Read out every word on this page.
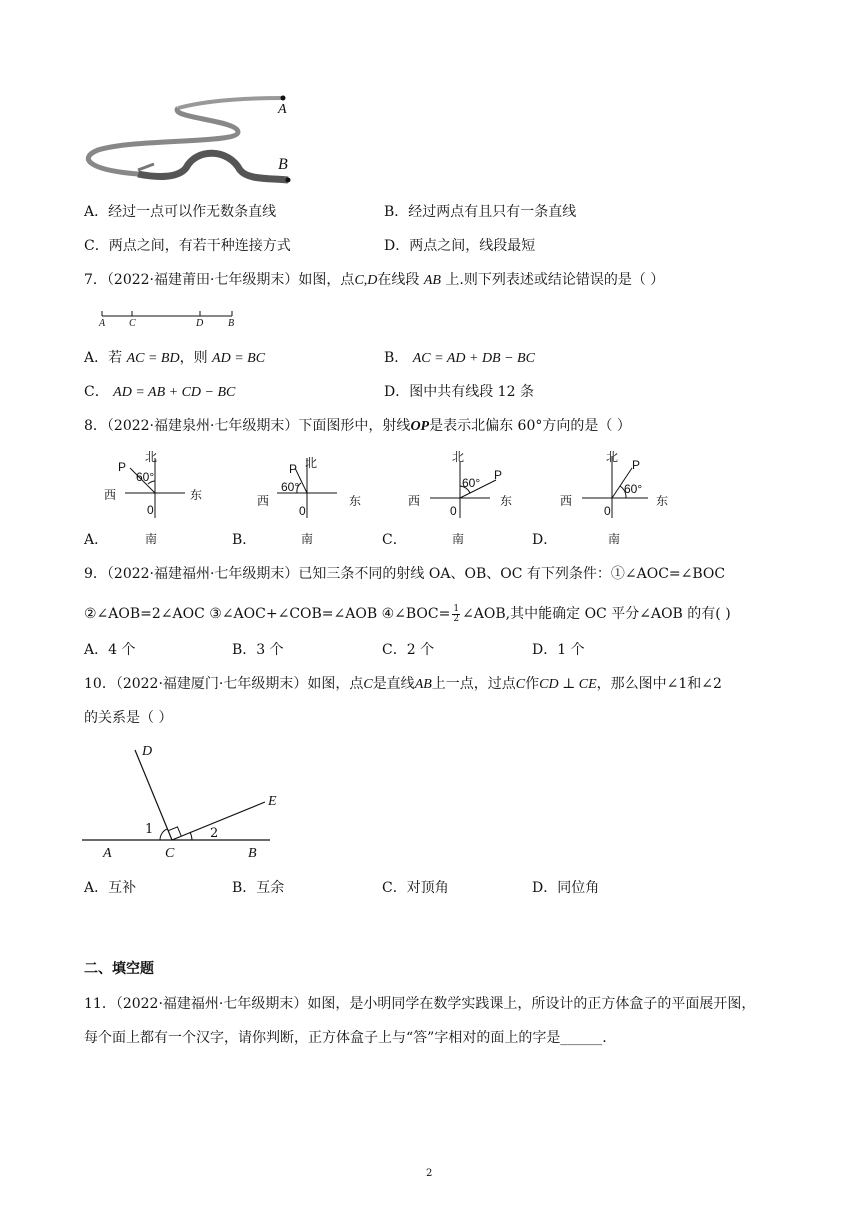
A
B
A．经过一点可以作无数条直线	B．经过两点有且只有一条直线
C．两点之间，有若干种连接方式	D．两点之间，线段最短
7．（2022·福建莆田·七年级期末）如图，点C,D在线段 AB 上.则下列表述或结论错误的是（ ）
A C	D B
A．若 AC = BD，则 AD = BC	B． AC = AD + DB − BC
C． AD = AB + CD − BC	D．图中共有线段 12 条
8．（2022·福建泉州·七年级期末）下面图形中，射线OP是表示北偏东 60°方向的是（ ）
北
P
60°
西	东
0
南
北
P
60°
西	东
0
南
北
P
60°
西	东
0
南
北
P
60°
西	东
0
南
A．	B．	C．	D．
9．（2022·福建福州·七年级期末）已知三条不同的射线 OA、OB、OC 有下列条件：①∠AOC=∠BOC
②∠AOB=2∠AOC ③∠AOC+∠COB=∠AOB ④∠BOC= $\frac{1}{2}$ ∠AOB,其中能确定 OC 平分∠AOB 的有( )
A．4 个	B．3 个	C．2 个	D．1 个
10．（2022·福建厦门·七年级期末）如图，点C是直线AB上一点，过点C作CD ⊥ CE，那么图中∠1和∠2
的关系是（ ）
D
E
1	2
A	C	B
A．互补	B．互余	C．对顶角	D．同位角
二、填空题
11．（2022·福建福州·七年级期末）如图，是小明同学在数学实践课上，所设计的正方体盒子的平面展开图，
每个面上都有一个汉字，请你判断，正方体盒子上与“答”字相对的面上的字是______.
2
